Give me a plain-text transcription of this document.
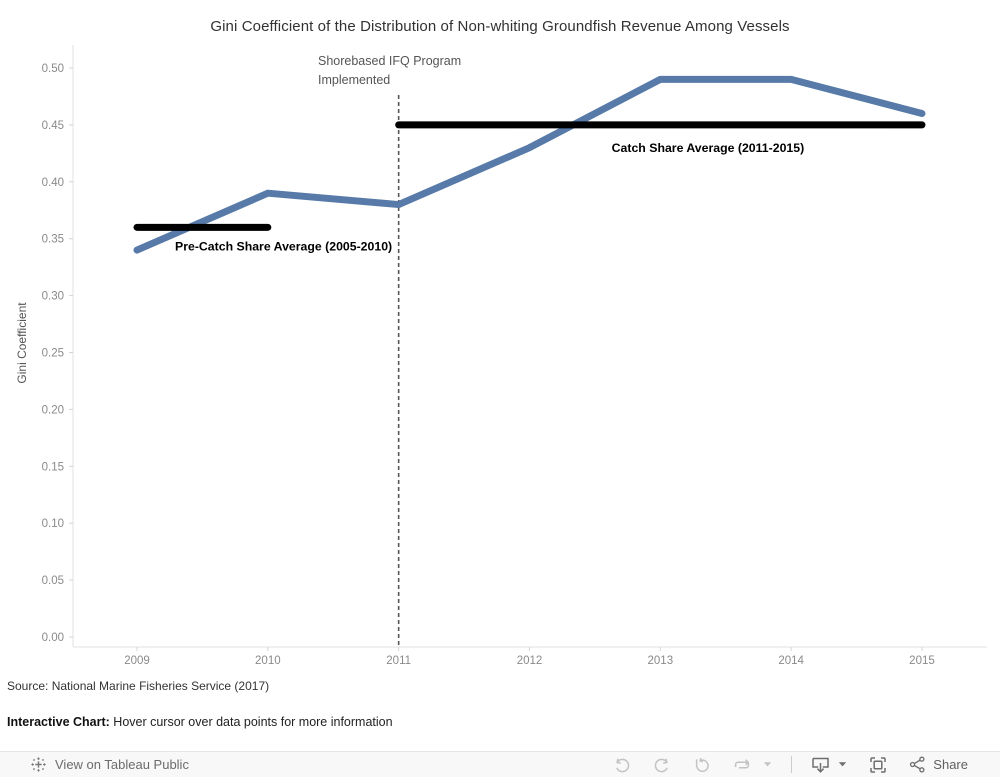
Gini Coefficient of the Distribution of Non-whiting Groundfish Revenue Among Vessels
0.00
0.05
0.10
0.15
0.20
0.25
0.30
0.35
0.40
0.45
0.50
2009	2010	2011	2012	2013	2014	2015
Gini Coefficient
Shorebased IFQ Program
Implemented
Pre-Catch Share Average (2005-2010)
Catch Share Average (2011-2015)
Source: National Marine Fisheries Service (2017)
Interactive Chart: Hover cursor over data points for more information
View on Tableau Public	Share
